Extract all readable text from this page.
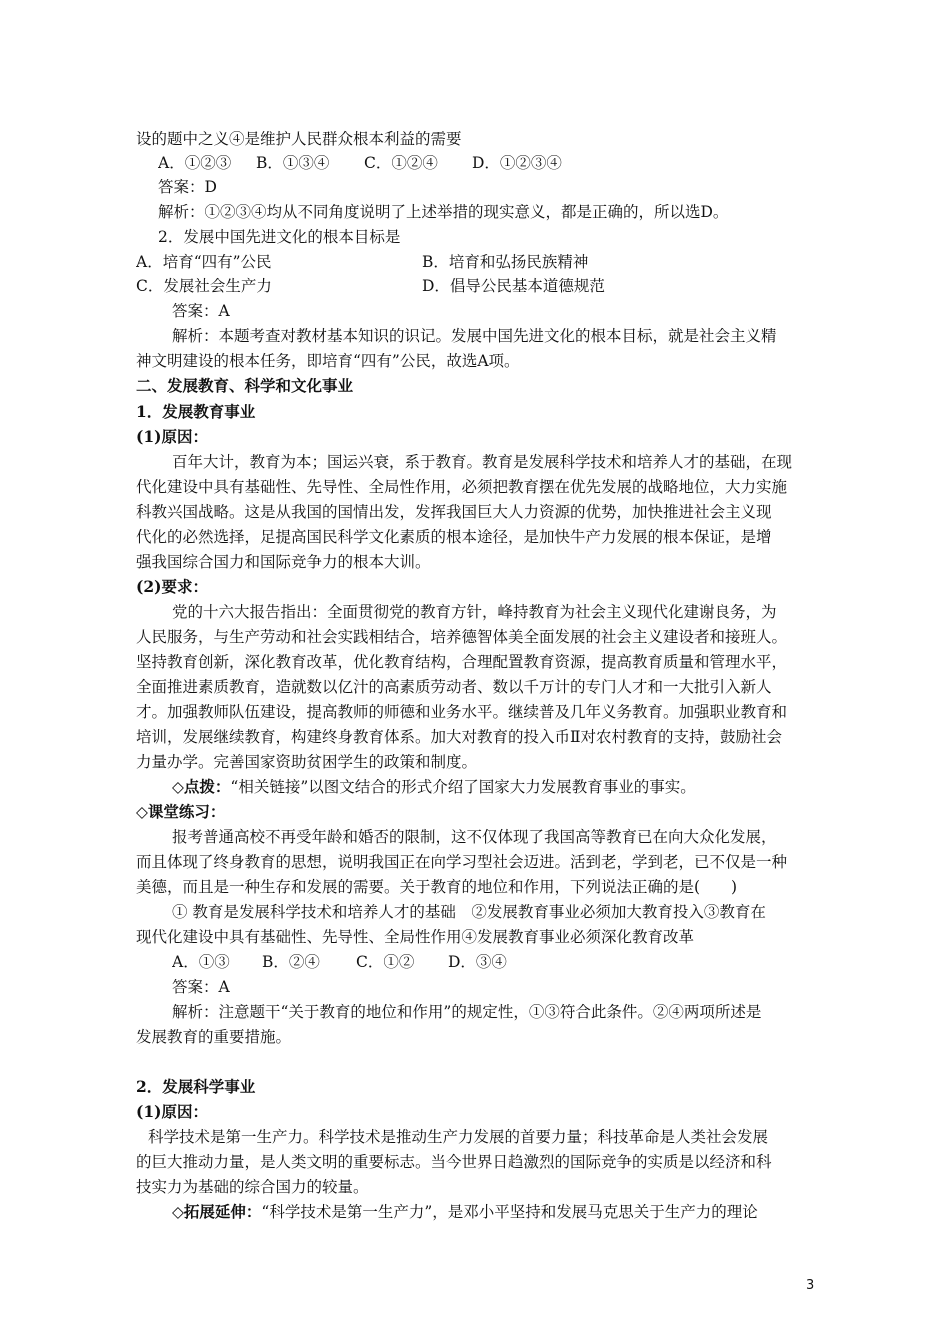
设的题中之义④是维护人民群众根本利益的需要
A．①②③ B．①③④ C．①②④ D．①②③④
答案：D
解析：①②③④均从不同角度说明了上述举措的现实意义，都是正确的，所以选D。
2．发展中国先进文化的根本目标是
A．培育“四有”公民	B．培育和弘扬民族精神
C．发展社会生产力	D．倡导公民基本道德规范
答案：A
解析：本题考查对教材基本知识的识记。发展中国先进文化的根本目标，就是社会主义精
神文明建设的根本任务，即培育“四有”公民，故选A项。
二、发展教育、科学和文化事业
1．发展教育事业
(1)原因：
百年大计，教育为本；国运兴衰，系于教育。教育是发展科学技术和培养人才的基础，在现
代化建设中具有基础性、先导性、全局性作用，必须把教育摆在优先发展的战略地位，大力实施
科教兴国战略。这是从我国的国情出发，发挥我国巨大人力资源的优势，加快推进社会主义现
代化的必然选择，足提高国民科学文化素质的根本途径，是加快牛产力发展的根本保证，是增
强我国综合国力和国际竞争力的根本大训。
(2)要求：
党的十六大报告指出：全面贯彻党的教育方针，峰持教育为社会主义现代化建谢良务，为
人民服务，与生产劳动和社会实践相结合，培养德智体美全面发展的社会主义建设者和接班人。
坚持教育创新，深化教育改革，优化教育结构，合理配置教育资源，提高教育质量和管理水平，
全面推进素质教育，造就数以亿汁的高素质劳动者、数以千万计的专门人才和一大批引入新人
才。加强教师队伍建设，提高教师的师德和业务水平。继续普及几年义务教育。加强职业教育和
培训，发展继续教育，构建终身教育体系。加大对教育的投入币Ⅱ对农村教育的支持，鼓励社会
力量办学。完善国家资助贫困学生的政策和制度。
◇点拨：“相关链接”以图文结合的形式介绍了国家大力发展教育事业的事实。
◇课堂练习：
报考普通高校不再受年龄和婚否的限制，这不仅体现了我国高等教育已在向大众化发展，
而且体现了终身教育的思想，说明我国正在向学习型社会迈进。活到老，学到老，已不仅是一种
美德，而且是一种生存和发展的需要。关于教育的地位和作用，下列说法正确的是(　　)
① 教育是发展科学技术和培养人才的基础　②发展教育事业必须加大教育投入③教育在
现代化建设中具有基础性、先导性、全局性作用④发展教育事业必须深化教育改革
A．①③ B．②④ C．①② D．③④
答案：A
解析：注意题干“关于教育的地位和作用”的规定性，①③符合此条件。②④两项所述是
发展教育的重要措施。
2．发展科学事业
(1)原因：
科学技术是第一生产力。科学技术是推动生产力发展的首要力量；科技革命是人类社会发展
的巨大推动力量，是人类文明的重要标志。当今世界日趋激烈的国际竞争的实质是以经济和科
技实力为基础的综合国力的较量。
◇拓展延伸：“科学技术是第一生产力”，是邓小平坚持和发展马克思关于生产力的理论
3
